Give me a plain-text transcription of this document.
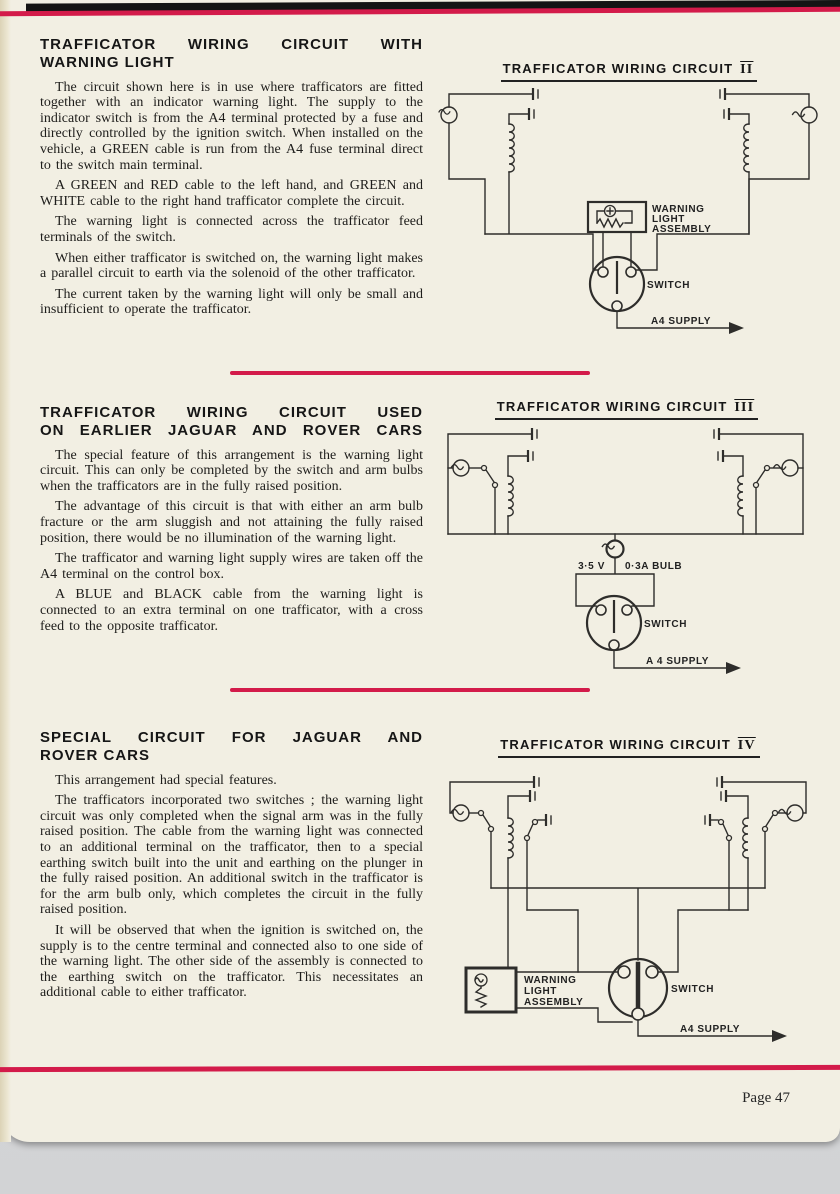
TRAFFICATOR WIRING CIRCUIT WITH
WARNING LIGHT

The circuit shown here is in use where trafficators are fitted together with an indicator warning light. The supply to the indicator switch is from the A4 terminal protected by a fuse and directly controlled by the ignition switch. When installed on the vehicle, a GREEN cable is run from the A4 fuse terminal direct to the switch main terminal.

A GREEN and RED cable to the left hand, and GREEN and WHITE cable to the right hand trafficator complete the circuit.

The warning light is connected across the trafficator feed terminals of the switch.

When either trafficator is switched on, the warning light makes a parallel circuit to earth via the solenoid of the other trafficator.

The current taken by the warning light will only be small and insufficient to operate the trafficator.

TRAFFICATOR WIRING CIRCUIT $\overline{II}$
WARNING
LIGHT
ASSEMBLY
SWITCH
A4 SUPPLY
TRAFFICATOR WIRING CIRCUIT USED
ON EARLIER JAGUAR AND ROVER CARS

The special feature of this arrangement is the warning light circuit. This can only be completed by the switch and arm bulbs when the trafficators are in the fully raised position.

The advantage of this circuit is that with either an arm bulb fracture or the arm sluggish and not attaining the fully raised position, there would be no illumination of the warning light.

The trafficator and warning light supply wires are taken off the A4 terminal on the control box.

A BLUE and BLACK cable from the warning light is connected to an extra terminal on one trafficator, with a cross feed to the opposite trafficator.

TRAFFICATOR WIRING CIRCUIT $\overline{III}$
3·5 V 0·3A BULB
SWITCH
A 4 SUPPLY
SPECIAL CIRCUIT FOR JAGUAR AND
ROVER CARS

This arrangement had special features.

The trafficators incorporated two switches ; the warning light circuit was only completed when the signal arm was in the fully raised position. The cable from the warning light was connected to an additional terminal on the trafficator, then to a special earthing switch built into the unit and earthing on the plunger in the fully raised position. An additional switch in the trafficator is for the arm bulb only, which completes the circuit in the fully raised position.

It will be observed that when the ignition is switched on, the supply is to the centre terminal and connected also to one side of the warning light. The other side of the assembly is connected to the earthing switch on the trafficator. This necessitates an additional cable to either trafficator.

TRAFFICATOR WIRING CIRCUIT $\overline{IV}$
WARNING
LIGHT
ASSEMBLY
SWITCH
A4 SUPPLY
Page 47
